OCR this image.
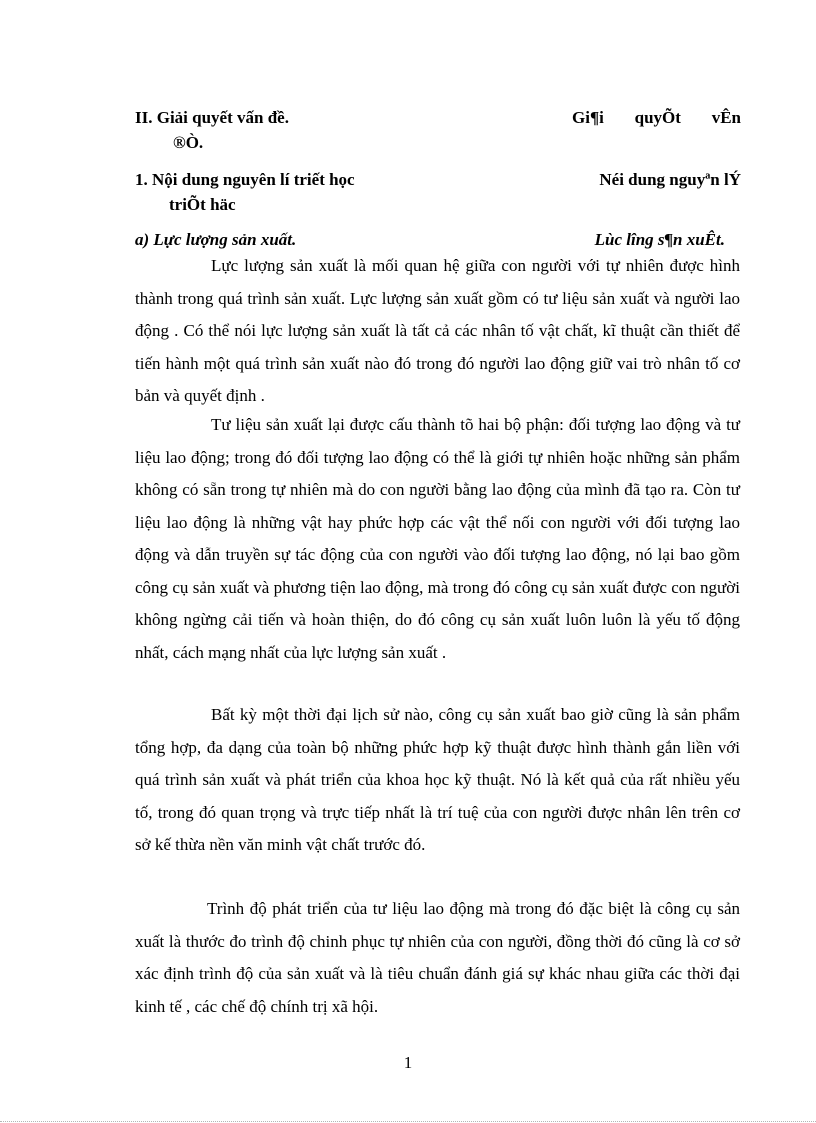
II. Giải quyết vấn đề.	Gi¶i quyÕt vÊn
®Ò.
1. Nội dung nguyên lí triết học	Néi dung nguyªn lÝ
triÕt häc
a) Lực lượng sản xuất.	Lùc lîng s¶n xuÊt.

Lực lượng sản xuất là mối quan hệ giữa con người với tự nhiên được hình thành trong quá trình sản xuất. Lực lượng sản xuất gồm có tư liệu sản xuất và người lao động . Có thể nói lực lượng sản xuất là tất cả các nhân tố vật chất, kĩ thuật cần thiết để tiến hành một quá trình sản xuất nào đó trong đó người lao động giữ vai trò nhân tố cơ bản và quyết định .

Tư liệu sản xuất lại được cấu thành tõ hai bộ phận: đối tượng lao động và tư liệu lao động; trong đó đối tượng lao động có thể là giới tự nhiên hoặc những sản phẩm không có sẵn trong tự nhiên mà do con người bằng lao động của mình đã tạo ra. Còn tư liệu lao động là những vật hay phức hợp các vật thể nối con người với đối tượng lao động và dẫn truyền sự tác động của con người vào đối tượng lao động, nó lại bao gồm công cụ sản xuất và phương tiện lao động, mà trong đó công cụ sản xuất được con người không ngừng cải tiến và hoàn thiện, do đó công cụ sản xuất luôn luôn là yếu tố động nhất, cách mạng nhất của lực lượng sản xuất .

Bất kỳ một thời đại lịch sử nào, công cụ sản xuất bao giờ cũng là sản phẩm tổng hợp, đa dạng của toàn bộ những phức hợp kỹ thuật được hình thành gắn liền với quá trình sản xuất và phát triển của khoa học kỹ thuật. Nó là kết quả của rất nhiều yếu tố, trong đó quan trọng và trực tiếp nhất là trí tuệ của con người được nhân lên trên cơ sở kế thừa nền văn minh vật chất trước đó.

Trình độ phát triển của tư liệu lao động mà trong đó đặc biệt là công cụ sản xuất là thước đo trình độ chinh phục tự nhiên của con người, đồng thời đó cũng là cơ sở xác định trình độ của sản xuất và là tiêu chuẩn đánh giá sự khác nhau giữa các thời đại kinh tế , các chế độ chính trị xã hội.

1
